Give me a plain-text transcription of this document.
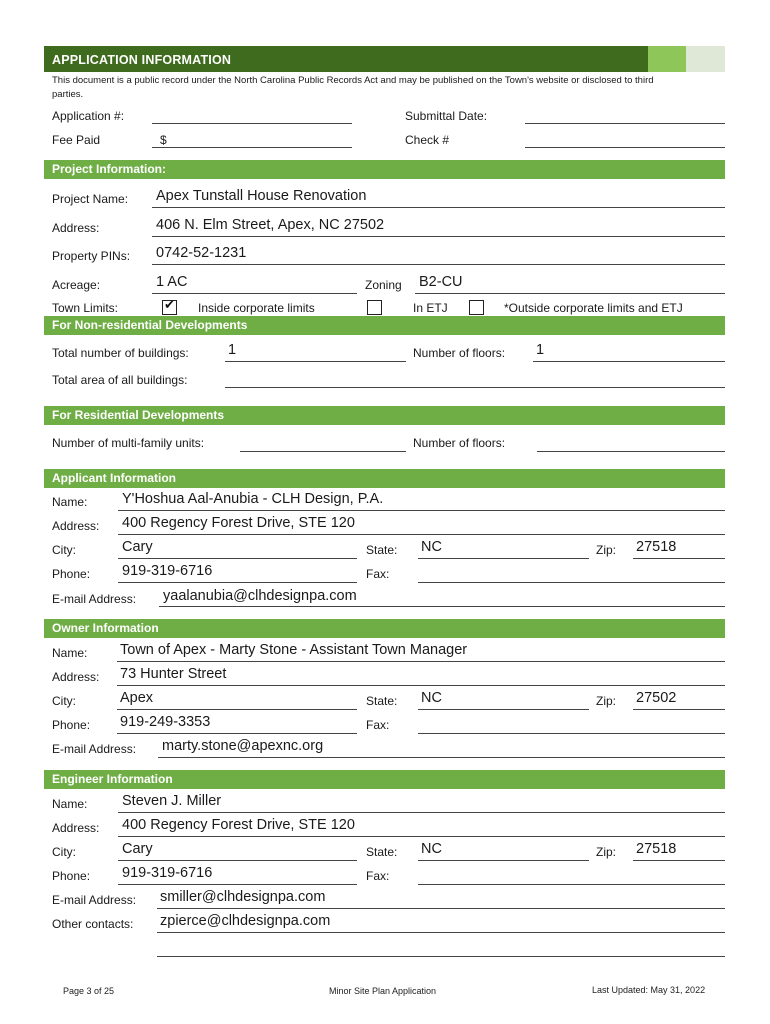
APPLICATION INFORMATION
This document is a public record under the North Carolina Public Records Act and may be published on the Town's website or disclosed to third
parties.
Application #:	Submittal Date:
Fee Paid	$	Check #
Project Information:
Project Name: Apex Tunstall House Renovation
Address:	406 N. Elm Street, Apex, NC 27502
Property PINs: 0742-52-1231
Acreage:	1 AC	Zoning B2-CU
Town Limits:	✔ Inside corporate limits	In ETJ	*Outside corporate limits and ETJ
For Non-residential Developments
Total number of buildings:	1	Number of floors: 1
Total area of all buildings:
For Residential Developments
Number of multi-family units:	Number of floors:
Applicant Information
Name: Y'Hoshua Aal-Anubia - CLH Design, P.A.
Address: 400 Regency Forest Drive, STE 120
City:	Cary	State: NC	Zip: 27518
Phone: 919-319-6716	Fax:
E-mail Address: yaalanubia@clhdesignpa.com
Owner Information
Name: Town of Apex - Marty Stone - Assistant Town Manager
Address: 73 Hunter Street
City:	Apex	State: NC	Zip: 27502
Phone: 919-249-3353	Fax:
E-mail Address: marty.stone@apexnc.org
Engineer Information
Name: Steven J. Miller
Address: 400 Regency Forest Drive, STE 120
City:	Cary	State: NC	Zip: 27518
Phone: 919-319-6716	Fax:
E-mail Address: smiller@clhdesignpa.com
Other contacts: zpierce@clhdesignpa.com
Page 3 of 25	Minor Site Plan Application	Last Updated: May 31, 2022
